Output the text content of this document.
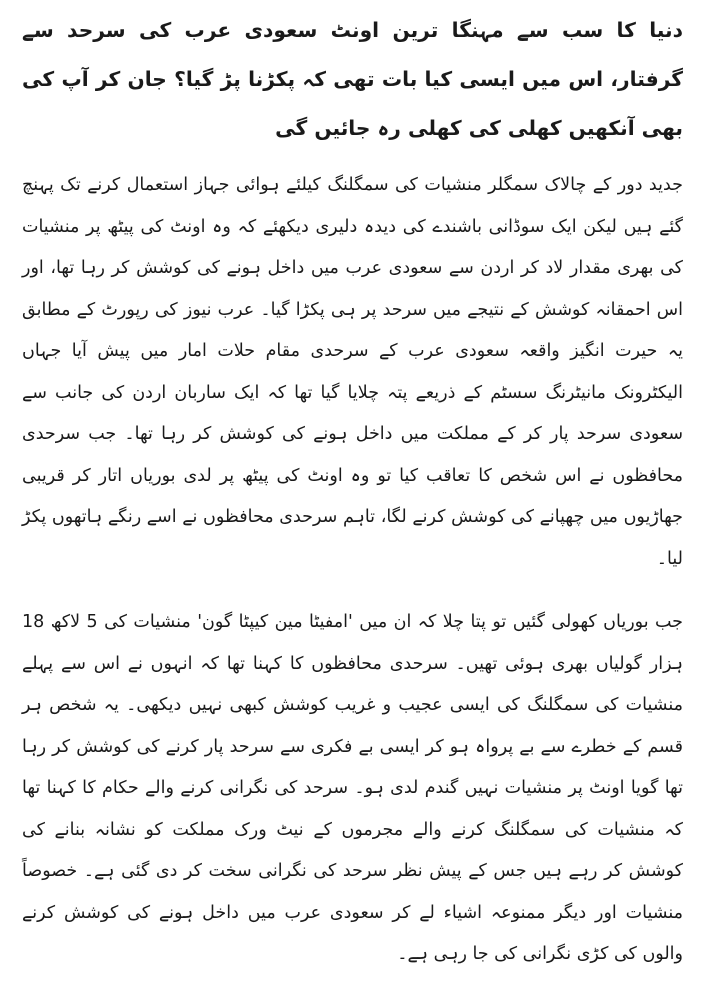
دنیا کا سب سے مہنگا ترین اونٹ سعودی عرب کی سرحد سے گرفتار، اس میں ایسی کیا بات تھی کہ پکڑنا پڑ گیا؟ جان کر آپ کی بھی آنکھیں کھلی کی کھلی رہ جائیں گی

جدید دور کے چالاک سمگلر منشیات کی سمگلنگ کیلئے ہوائی جہاز استعمال کرنے تک پہنچ گئے ہیں لیکن ایک سوڈانی باشندے کی دیدہ دلیری دیکھئے کہ وہ اونٹ کی پیٹھ پر منشیات کی بھری مقدار لاد کر اردن سے سعودی عرب میں داخل ہونے کی کوشش کر رہا تھا، اور اس احمقانہ کوشش کے نتیجے میں سرحد پر ہی پکڑا گیا۔ عرب نیوز کی رپورٹ کے مطابق یہ حیرت انگیز واقعہ سعودی عرب کے سرحدی مقام حلات امار میں پیش آیا جہاں الیکٹرونک مانیٹرنگ سسٹم کے ذریعے پتہ چلایا گیا تھا کہ ایک ساربان اردن کی جانب سے سعودی سرحد پار کر کے مملکت میں داخل ہونے کی کوشش کر رہا تھا۔ جب سرحدی محافظوں نے اس شخص کا تعاقب کیا تو وہ اونٹ کی پیٹھ پر لدی بوریاں اتار کر قریبی جھاڑیوں میں چھپانے کی کوشش کرنے لگا، تاہم سرحدی محافظوں نے اسے رنگے ہاتھوں پکڑ لیا۔

جب بوریاں کھولی گئیں تو پتا چلا کہ ان میں 'امفیٹا مین کیپٹا گون' منشیات کی 5 لاکھ 18 ہزار گولیاں بھری ہوئی تھیں۔ سرحدی محافظوں کا کہنا تھا کہ انہوں نے اس سے پہلے منشیات کی سمگلنگ کی ایسی عجیب و غریب کوشش کبھی نہیں دیکھی۔ یہ شخص ہر قسم کے خطرے سے بے پرواہ ہو کر ایسی بے فکری سے سرحد پار کرنے کی کوشش کر رہا تھا گویا اونٹ پر منشیات نہیں گندم لدی ہو۔ سرحد کی نگرانی کرنے والے حکام کا کہنا تھا کہ منشیات کی سمگلنگ کرنے والے مجرموں کے نیٹ ورک مملکت کو نشانہ بنانے کی کوشش کر رہے ہیں جس کے پیش نظر سرحد کی نگرانی سخت کر دی گئی ہے۔ خصوصاً منشیات اور دیگر ممنوعہ اشیاء لے کر سعودی عرب میں داخل ہونے کی کوشش کرنے والوں کی کڑی نگرانی کی جا رہی ہے۔
